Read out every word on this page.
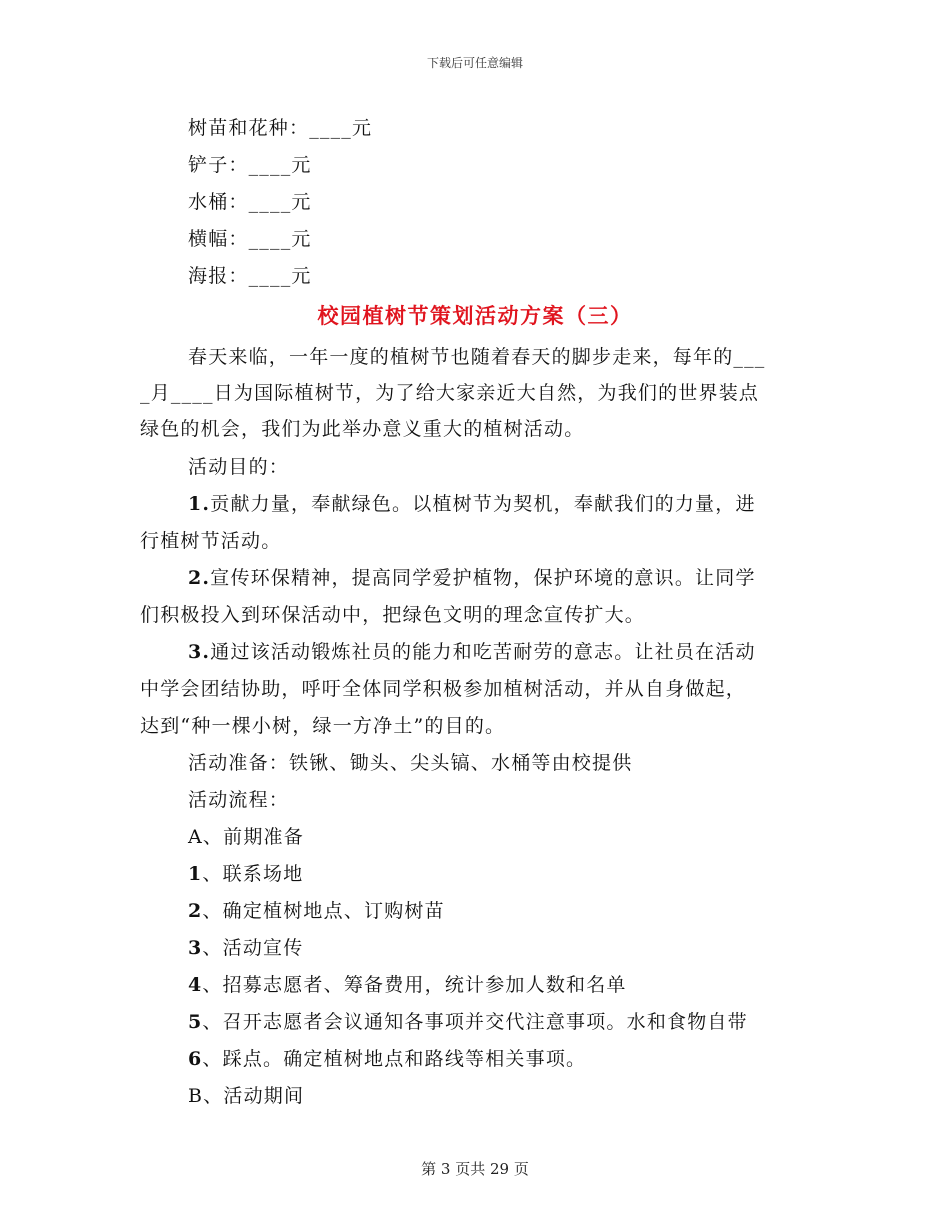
下载后可任意编辑
树苗和花种：____元
铲子：____元
水桶：____元
横幅：____元
海报：____元
校园植树节策划活动方案（三）
春天来临，一年一度的植树节也随着春天的脚步走来，每年的___
_月____日为国际植树节，为了给大家亲近大自然，为我们的世界装点
绿色的机会，我们为此举办意义重大的植树活动。
活动目的：
1.贡献力量，奉献绿色。以植树节为契机，奉献我们的力量，进
行植树节活动。
2.宣传环保精神，提高同学爱护植物，保护环境的意识。让同学
们积极投入到环保活动中，把绿色文明的理念宣传扩大。
3.通过该活动锻炼社员的能力和吃苦耐劳的意志。让社员在活动
中学会团结协助，呼吁全体同学积极参加植树活动，并从自身做起，
达到“种一棵小树，绿一方净土”的目的。
活动准备：铁锹、锄头、尖头镐、水桶等由校提供
活动流程：
A、前期准备
1、联系场地
2、确定植树地点、订购树苗
3、活动宣传
4、招募志愿者、筹备费用，统计参加人数和名单
5、召开志愿者会议通知各事项并交代注意事项。水和食物自带
6、踩点。确定植树地点和路线等相关事项。
B、活动期间
第 3 页共 29 页
